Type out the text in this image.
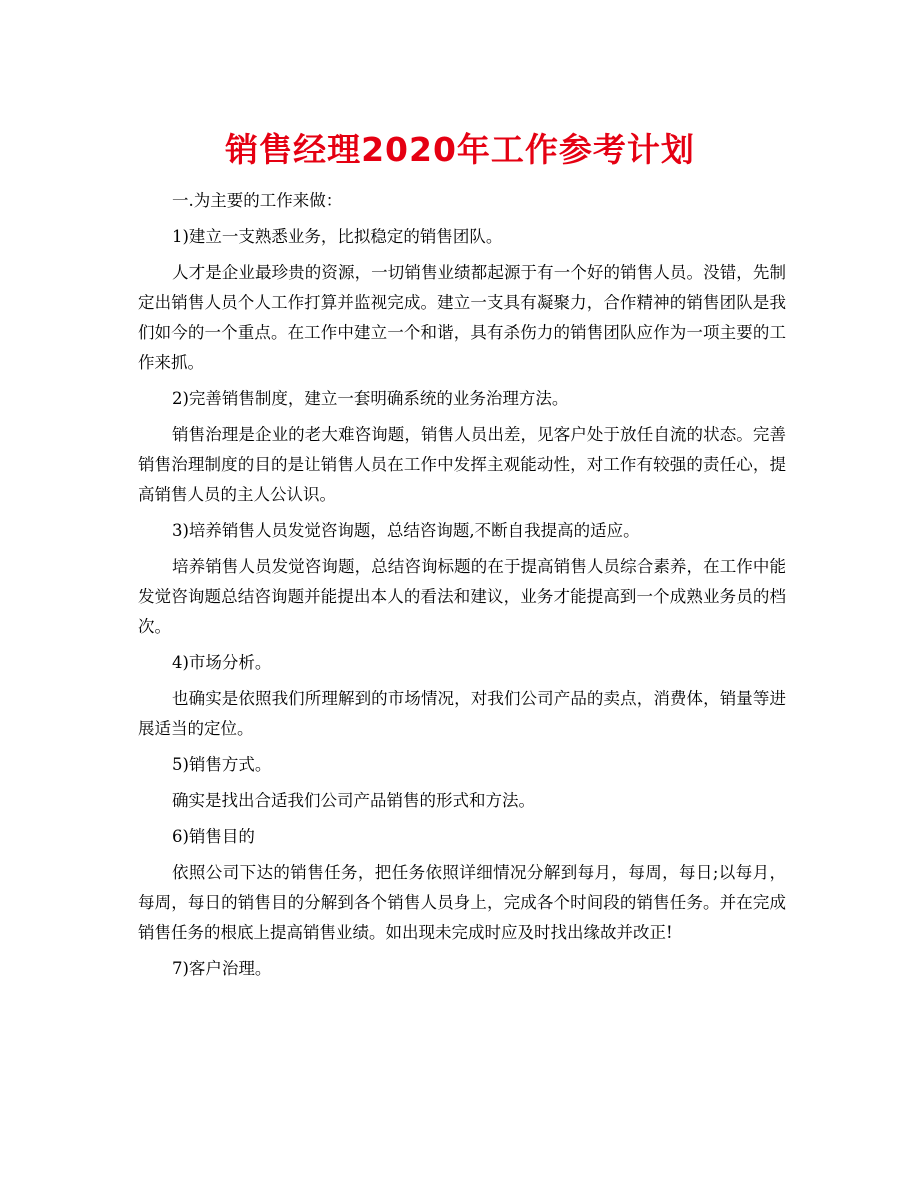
销售经理2020年工作参考计划

一.为主要的工作来做：

1)建立一支熟悉业务，比拟稳定的销售团队。

人才是企业最珍贵的资源，一切销售业绩都起源于有一个好的销售人员。没错，先制定出销售人员个人工作打算并监视完成。建立一支具有凝聚力，合作精神的销售团队是我们如今的一个重点。在工作中建立一个和谐，具有杀伤力的销售团队应作为一项主要的工作来抓。

2)完善销售制度，建立一套明确系统的业务治理方法。

销售治理是企业的老大难咨询题，销售人员出差，见客户处于放任自流的状态。完善销售治理制度的目的是让销售人员在工作中发挥主观能动性，对工作有较强的责任心，提高销售人员的主人公认识。

3)培养销售人员发觉咨询题，总结咨询题,不断自我提高的适应。

培养销售人员发觉咨询题，总结咨询标题的在于提高销售人员综合素养，在工作中能发觉咨询题总结咨询题并能提出本人的看法和建议，业务才能提高到一个成熟业务员的档次。

4)市场分析。

也确实是依照我们所理解到的市场情况，对我们公司产品的卖点，消费体，销量等进展适当的定位。

5)销售方式。

确实是找出合适我们公司产品销售的形式和方法。

6)销售目的

依照公司下达的销售任务，把任务依照详细情况分解到每月，每周，每日;以每月，每周，每日的销售目的分解到各个销售人员身上，完成各个时间段的销售任务。并在完成销售任务的根底上提高销售业绩。如出现未完成时应及时找出缘故并改正!

7)客户治理。
